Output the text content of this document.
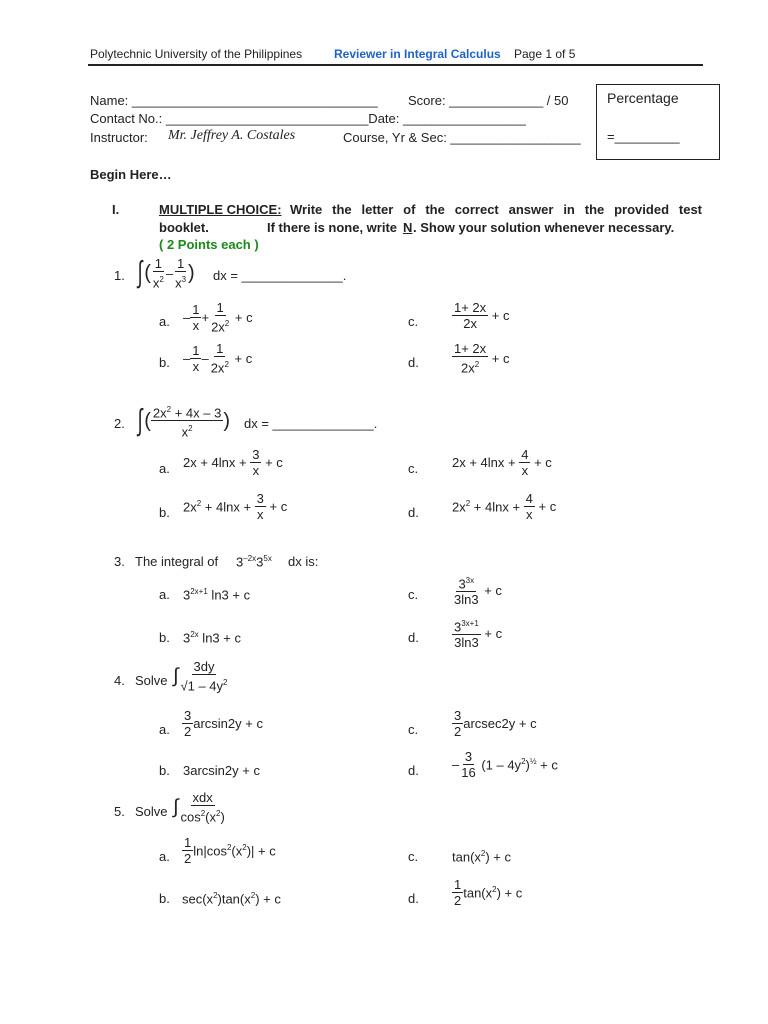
Polytechnic University of the Philippines	Reviewer in Integral Calculus Page 1 of 5
Name: __________________________________ Score: _____________ / 50
Contact No.: ____________________________Date: _________________
Instructor: Mr. Jeffrey A. Costales	Course, Yr & Sec: __________________
Percentage
=_________
Begin Here…
I.	MULTIPLE CHOICE: Write the letter of the correct answer in the provided test
booklet.	If there is none, write N . Show your solution whenever necessary.
( 2 Points each )
1. ∫ ( $\frac{1}{x^2} - \frac{1}{x^3}$ ) dx = ______________.
a. – $\frac{1}{x} + \frac{1}{2x^2} + c$
b. – $\frac{1}{x} - \frac{1}{2x^2} + c$
c.	$\frac{1+ 2x}{2x} + c$
d.	$\frac{1+ 2x}{2x^2} + c$
2. ∫ ( $\frac{2x^2 + 4x - 3}{x^2}$ ) dx = ______________.
a. $2x + 4\ln x + \frac{3}{x} + c$
b. $2x^2 + 4\ln x + \frac{3}{x} + c$
c.	$2x + 4\ln x + \frac{4}{x} + c$
d.	$2x^2 + 4\ln x + \frac{4}{x} + c$
3. The integral of $3^{-2x}3^{5x}$ dx is:
a. $3^{2x+1}$ ln3 + c
b. $3^{2x}$ ln3 + c
c.	$\frac{3^{3x}}{3\ln 3} + c$
d.	$\frac{3^{3x+1}}{3\ln 3} + c$
4. Solve ∫ $\frac{3dy}{√1 - 4y^2}$
a. $\frac{3}{2} \arcsin 2y + c$
b. 3arcsin2y + c
c.	$\frac{3}{2} arcsec2y + c$
d.	– $\frac{3}{16} (1 - 4y^2)^{\frac{1}{2}} + c$
5. Solve ∫ $\frac{\text{xdx}}{\cos^2(x^2)}$
a. $\frac{1}{2} \ln|\cos^2(x^2)| + c$
b. $\sec(x^2)\tan(x^2) + c$
c.	$\tan(x^2) + c$
d.	$\frac{1}{2} \tan(x^2) + c$
